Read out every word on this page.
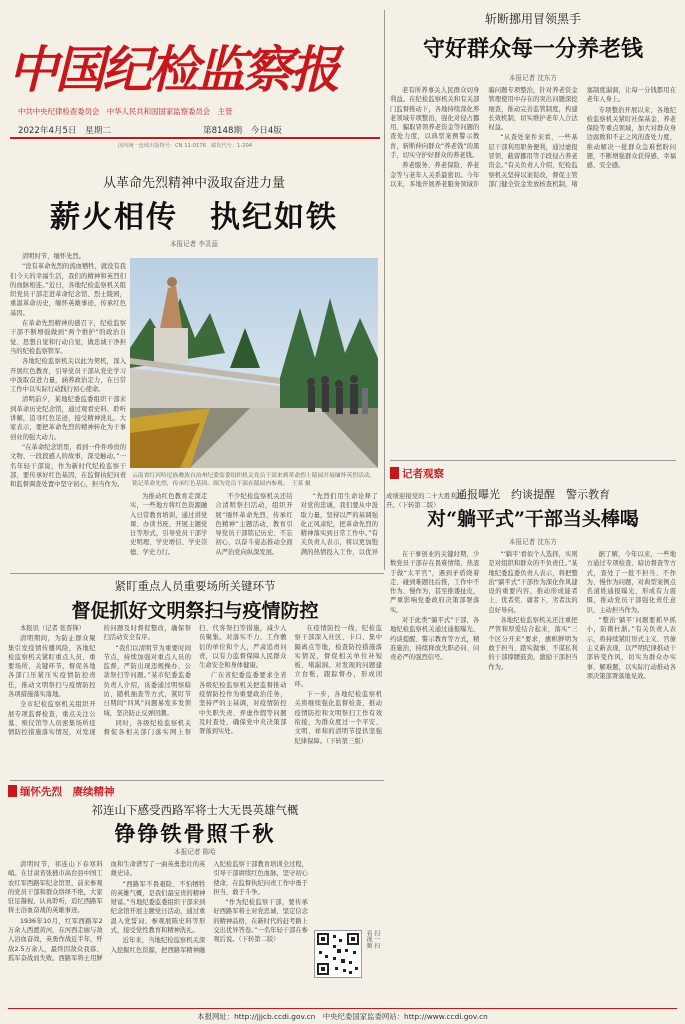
中国纪检监察报
中共中央纪律检查委员会　中华人民共和国国家监察委员会　主管
2022年4月5日　星期二	第8148期　今日4版
国内统一连续出版物号：CN 11-0176　邮发代号：1-204
斩断挪用冒领黑手
守好群众每一分养老钱
本报记者 沈东方

老有所养事关人民群众切身利益。在纪检监察机关和有关部门监督推动下，各地持续深化养老领域专项整治，强化对侵占挪用、骗取冒领养老资金等问题的查处力度，以典型案例警示教育，斩断伸向群众“养老钱”的黑手，切实守护好群众的养老钱。

养老服务、养老保险、养老金等与老年人关系最密切。今年以来，多地开展养老服务领域诈骗问题专项整治，针对养老资金管理使用中存在的突出问题深挖细查，推动完善监管制度，构建长效机制，切实维护老年人合法权益。

“从查处案件来看，一些基层干部利用职务便利，通过虚报冒领、截留挪用等手段侵占养老资金。”有关负责人介绍，纪检监察机关坚持以案促改，督促主管部门健全资金发放核查机制，堵塞制度漏洞，让每一分钱都用在老年人身上。

专项整治开展以来，各地纪检监察机关紧盯社保基金、养老保险等重点领域，加大对群众身边腐败和不正之风的查处力度，推动解决一批群众急难愁盼问题，不断增强群众获得感、幸福感、安全感。

从革命先烈精神中汲取奋进力量
薪火相传　执纪如铁
本报记者 李灵蕊

清明时节，缅怀先烈。

“没有革命先烈的流血牺牲，就没有我们今天的幸福生活，我们的精神和英烈们的血脉相连。”近日，各地纪检监察机关组织党员干部走进革命纪念馆、烈士陵园，重温革命历史，缅怀英雄事迹，传承红色基因。

在革命先烈精神的感召下，纪检监察干部不断增强做到“两个维护”的政治自觉、思想自觉和行动自觉，做忠诚干净担当的纪检监察铁军。

各地纪检监察机关以此为契机，深入开展红色教育，引导党员干部从党史学习中汲取奋进力量，涵养政治定力，在日常工作中以实际行动践行初心使命。

清明前夕，某地纪委监委组织干部来到革命历史纪念馆，通过观看史料、聆听讲解，追寻红色足迹，接受精神洗礼。大家表示，要把革命先烈的精神转化为干事创业的强大动力。

“在革命纪念馆里，看到一件件珍贵的文物、一段段感人的故事，深受触动。”一名年轻干部说，作为新时代纪检监察干部，要传承好红色基因，在监督执纪问责和监督调查处置中坚守初心，担当作为。

云南省红河哈尼族彝族自治州纪委监委组织机关党员干部来到革命烈士陵园开展缅怀英烈活动，铭记革命先烈，传承红色基因。图为党员干部在陵园内参观。　王某 摄

为推动红色教育走深走实，一些地方将红色资源融入日常教育培训，通过讲党课、办读书班、开展主题党日等形式，引导党员干部学史明理、学史增信、学史崇德、学史力行。

不少纪检监察机关还结合清明祭扫活动，组织开展“缅怀革命先烈、传承红色精神”主题活动，教育引导党员干部铭记历史、不忘初心，以奋斗姿态推动全面从严治党向纵深发展。

“先烈们用生命诠释了对党的忠诚，我们要从中汲取力量，坚持以严的基调强化正风肃纪，把革命先烈的精神落实到日常工作中。”有关负责人表示，将以更加饱满的热情投入工作，以优异成绩迎接党的二十大胜利召开。（下转第二版）

记者观察
通报曝光　约谈提醒　警示教育
对“躺平式”干部当头棒喝
本报记者 沈东方

在干事创业的关键时期，少数党员干部存在畏难情绪，热衷于做“太平官”，遇到矛盾绕着走、碰到难题往后推，工作中不作为、慢作为，甚至推诿扯皮，严重影响党委政府决策部署落实。

对于此类“躺平式”干部，各地纪检监察机关通过通报曝光、约谈提醒、警示教育等方式，精准施治，持续释放失职必问、问责必严的强烈信号。

“‘躺平’看似个人选择，实则是对组织和群众的不负责任。”某地纪委监委负责人表示，将把整治“躺平式”干部作为深化作风建设的重要内容，推动形成能者上、优者奖、庸者下、劣者汰的良好导向。

各地纪检监察机关还注重把严管和厚爱结合起来，落实“三个区分开来”要求，旗帜鲜明为敢于担当、踏实做事、不谋私利的干部撑腰鼓劲，激励干部担当作为。

据了解，今年以来，一些地方通过专项检查、暗访督查等方式，查处了一批不担当、不作为、慢作为问题，对典型案例点名道姓通报曝光，形成有力震慑，推动党员干部强化责任意识，主动担当作为。

“整治‘躺平’问题要抓早抓小，防微杜渐。”有关负责人表示，将持续紧盯形式主义、官僚主义新表现，以严明纪律推动干部转变作风，切实为群众办实事、解难题，以实际行动推动各项决策部署落地见效。

紧盯重点人员重要场所关键环节
督促抓好文明祭扫与疫情防控

本报讯（记者 张晋锋）

清明期间，为防止群众聚集引发疫情传播风险，各地纪检监察机关紧盯重点人员、重要场所、关键环节，督促各地各部门压紧压实疫情防控责任，推动文明祭扫与疫情防控各项措施落实落地。

全市纪检监察机关组织开展专项监督检查，重点关注公墓、殡仪馆等人员密集场所疫情防控措施落实情况，对发现的问题及时督促整改，确保祭扫活动安全有序。

“我们以清明节为重要时间节点，持续加强对重点人员的监督，严防出现违规操办、公款祭扫等问题。”某市纪委监委负责人介绍，该委通过明察暗访、随机抽查等方式，紧盯节日期间“四风”问题易发多发领域，坚决防止反弹回潮。

同时，各级纪检监察机关督促各相关部门落实网上祭扫、代客祭扫等措施，减少人员聚集。对落实不力、工作敷衍的单位和个人，严肃追责问责，以有力监督保障人民群众生命安全和身体健康。

广东省纪委监委要求全省各级纪检监察机关把监督推动疫情防控作为重要政治任务，坚持严的主基调，对疫情防控中失职失责、弄虚作假等问题及时查处，确保党中央决策部署落到实处。

在疫情防控一线，纪检监察干部深入社区、卡口、集中隔离点等地，检查防控措施落实情况，督促相关单位补短板、堵漏洞。对发现的问题建立台账，跟踪督办，形成闭环。

下一步，各地纪检监察机关将继续强化监督检查，推动疫情防控和文明祭扫工作有效衔接，为群众度过一个平安、文明、祥和的清明节提供坚强纪律保障。（下转第三版）

缅怀先烈　赓续精神
祁连山下感受西路军将士大无畏英雄气概
铮铮铁骨照千秋
本报记者 陈哈

清明时节，祁连山下春寒料峭。在甘肃省张掖市高台县中国工农红军西路军纪念馆里，前来参观的党员干部和群众络绎不绝，大家驻足凝视、认真聆听，追忆西路军将士浴血奋战的英雄事迹。

1936年10月，红军西路军2万余人西渡黄河，在河西走廊与敌人浴血奋战，英勇作战近半年，歼敌2.5万余人，最终因敌众我寡、孤军奋战而失败。西路军将士用鲜血和生命谱写了一曲英勇悲壮的英雄史诗。

“西路军不畏艰险、不怕牺牲的英雄气概，是我们最宝贵的精神财富。”当地纪委监委组织干部来到纪念馆开展主题党日活动，通过重温入党誓词、参观展陈史料等形式，接受党性教育和精神洗礼。

近年来，当地纪检监察机关深入挖掘红色资源，把西路军精神融入纪检监察干部教育培训全过程，引导干部赓续红色血脉，坚守初心使命，在监督执纪问责工作中勇于担当、敢于斗争。

“作为纪检监察干部，要传承好西路军将士对党忠诚、坚定信念的精神品格，在新时代的赶考路上交出优异答卷。”一名年轻干部在参观后说。（下转第二版）	扫一扫
看视频
本报网址：http://jjjcb.ccdi.gov.cn　中央纪委国家监委网站：http://www.ccdi.gov.cn
